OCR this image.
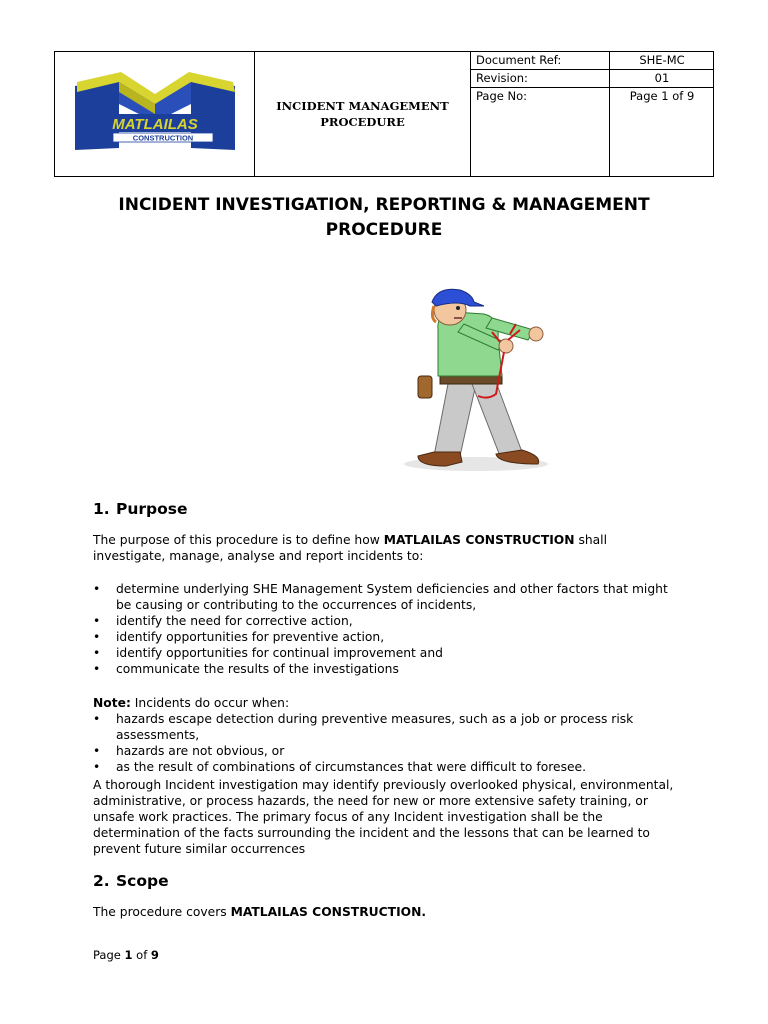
MATLAILAS
CONSTRUCTION
INCIDENT MANAGEMENT PROCEDURE
Document Ref:	SHE-MC
Revision:	01
Page No:	Page 1 of 9
INCIDENT INVESTIGATION, REPORTING & MANAGEMENT PROCEDURE
1. Purpose
The purpose of this procedure is to define how MATLAILAS CONSTRUCTION shall investigate, manage, analyse and report incidents to:
• determine underlying SHE Management System deficiencies and other factors that might be causing or contributing to the occurrences of incidents,
• identify the need for corrective action,
• identify opportunities for preventive action,
• identify opportunities for continual improvement and
• communicate the results of the investigations
Note: Incidents do occur when:
• hazards escape detection during preventive measures, such as a job or process risk assessments,
• hazards are not obvious, or
• as the result of combinations of circumstances that were difficult to foresee.
A thorough Incident investigation may identify previously overlooked physical, environmental, administrative, or process hazards, the need for new or more extensive safety training, or unsafe work practices. The primary focus of any Incident investigation shall be the determination of the facts surrounding the incident and the lessons that can be learned to prevent future similar occurrences
2. Scope
The procedure covers MATLAILAS CONSTRUCTION.
Page 1 of 9
